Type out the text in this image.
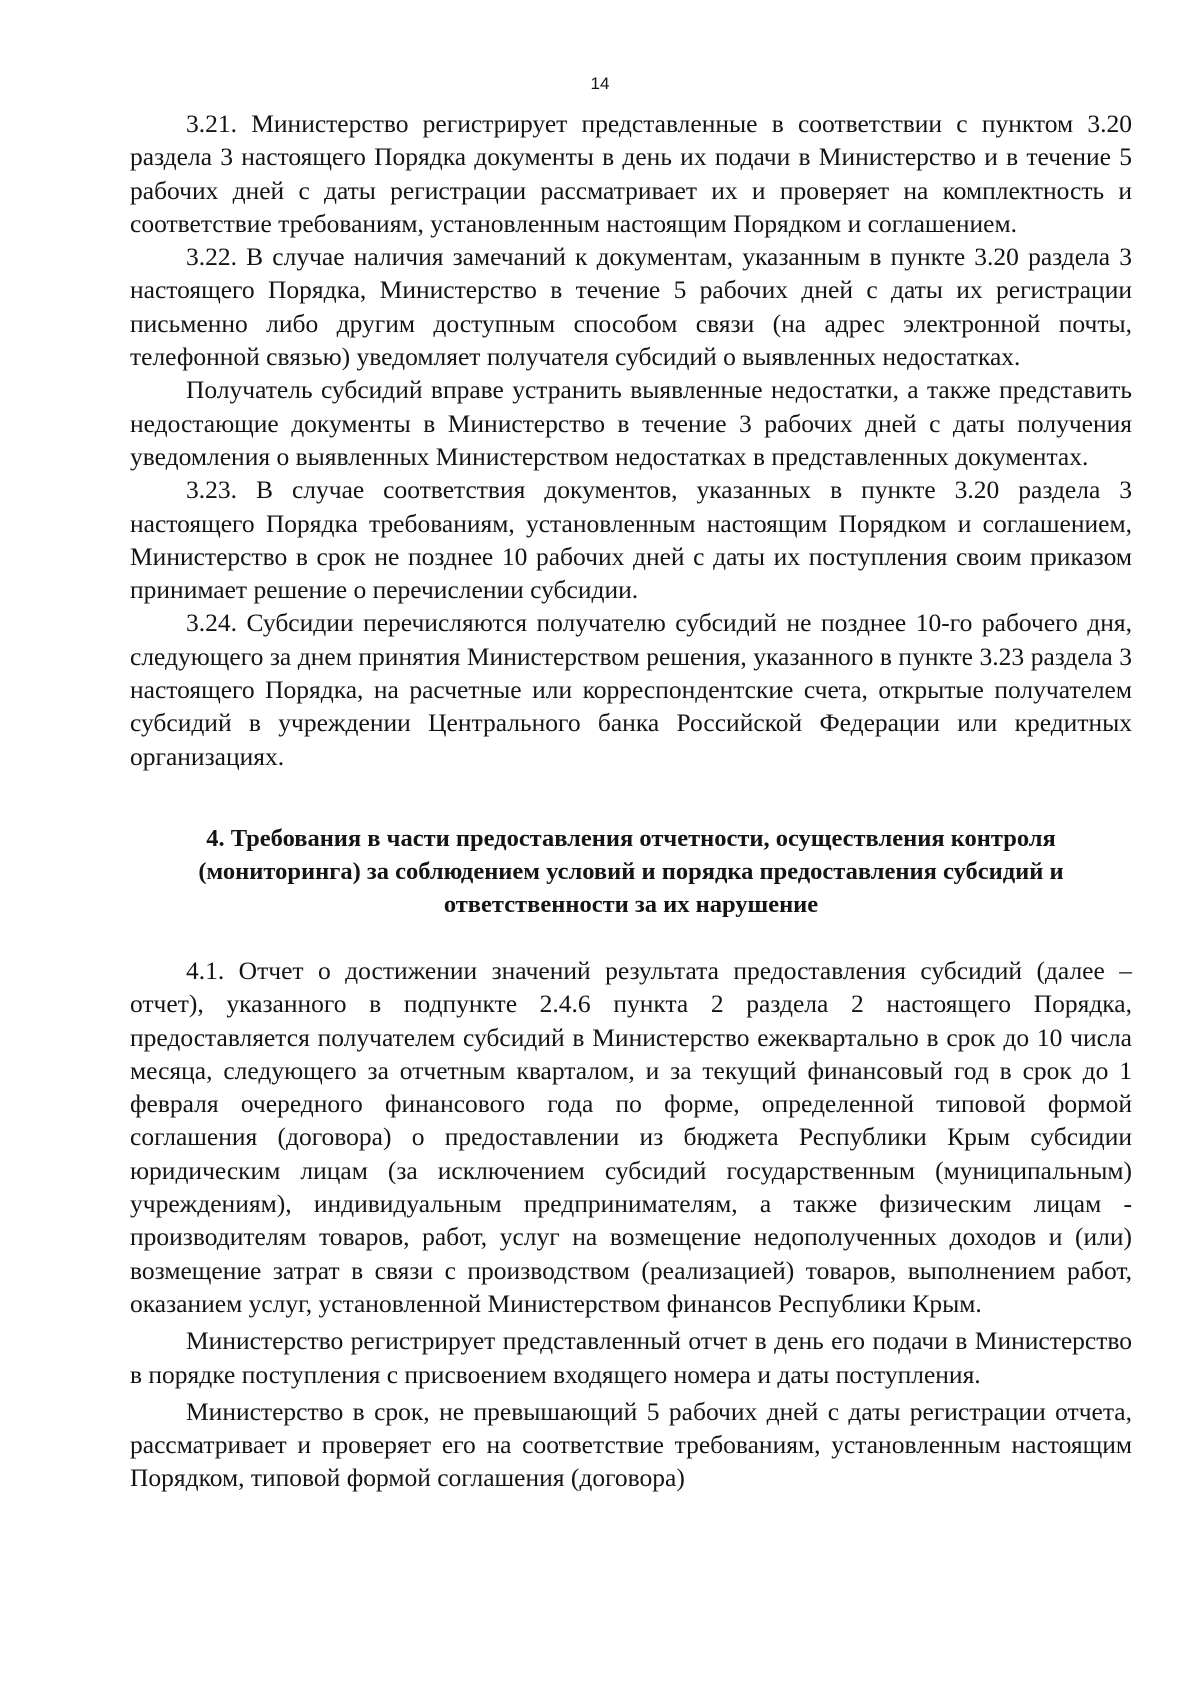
14

3.21. Министерство регистрирует представленные в соответствии с пунктом 3.20 раздела 3 настоящего Порядка документы в день их подачи в Министерство и в течение 5 рабочих дней с даты регистрации рассматривает их и проверяет на комплектность и соответствие требованиям, установленным настоящим Порядком и соглашением.

3.22. В случае наличия замечаний к документам, указанным в пункте 3.20 раздела 3 настоящего Порядка, Министерство в течение 5 рабочих дней с даты их регистрации письменно либо другим доступным способом связи (на адрес электронной почты, телефонной связью) уведомляет получателя субсидий о выявленных недостатках.

Получатель субсидий вправе устранить выявленные недостатки, а также представить недостающие документы в Министерство в течение 3 рабочих дней с даты получения уведомления о выявленных Министерством недостатках в представленных документах.

3.23. В случае соответствия документов, указанных в пункте 3.20 раздела 3 настоящего Порядка требованиям, установленным настоящим Порядком и соглашением, Министерство в срок не позднее 10 рабочих дней с даты их поступления своим приказом принимает решение о перечислении субсидии.

3.24. Субсидии перечисляются получателю субсидий не позднее 10-го рабочего дня, следующего за днем принятия Министерством решения, указанного в пункте 3.23 раздела 3 настоящего Порядка, на расчетные или корреспондентские счета, открытые получателем субсидий в учреждении Центрального банка Российской Федерации или кредитных организациях.

4. Требования в части предоставления отчетности, осуществления контроля (мониторинга) за соблюдением условий и порядка предоставления субсидий и ответственности за их нарушение

4.1. Отчет о достижении значений результата предоставления субсидий (далее – отчет), указанного в подпункте 2.4.6 пункта 2 раздела 2 настоящего Порядка, предоставляется получателем субсидий в Министерство ежеквартально в срок до 10 числа месяца, следующего за отчетным кварталом, и за текущий финансовый год в срок до 1 февраля очередного финансового года по форме, определенной типовой формой соглашения (договора) о предоставлении из бюджета Республики Крым субсидии юридическим лицам (за исключением субсидий государственным (муниципальным) учреждениям), индивидуальным предпринимателям, а также физическим лицам - производителям товаров, работ, услуг на возмещение недополученных доходов и (или) возмещение затрат в связи с производством (реализацией) товаров, выполнением работ, оказанием услуг, установленной Министерством финансов Республики Крым.

Министерство регистрирует представленный отчет в день его подачи в Министерство в порядке поступления с присвоением входящего номера и даты поступления.

Министерство в срок, не превышающий 5 рабочих дней с даты регистрации отчета, рассматривает и проверяет его на соответствие требованиям, установленным настоящим Порядком, типовой формой соглашения (договора)
